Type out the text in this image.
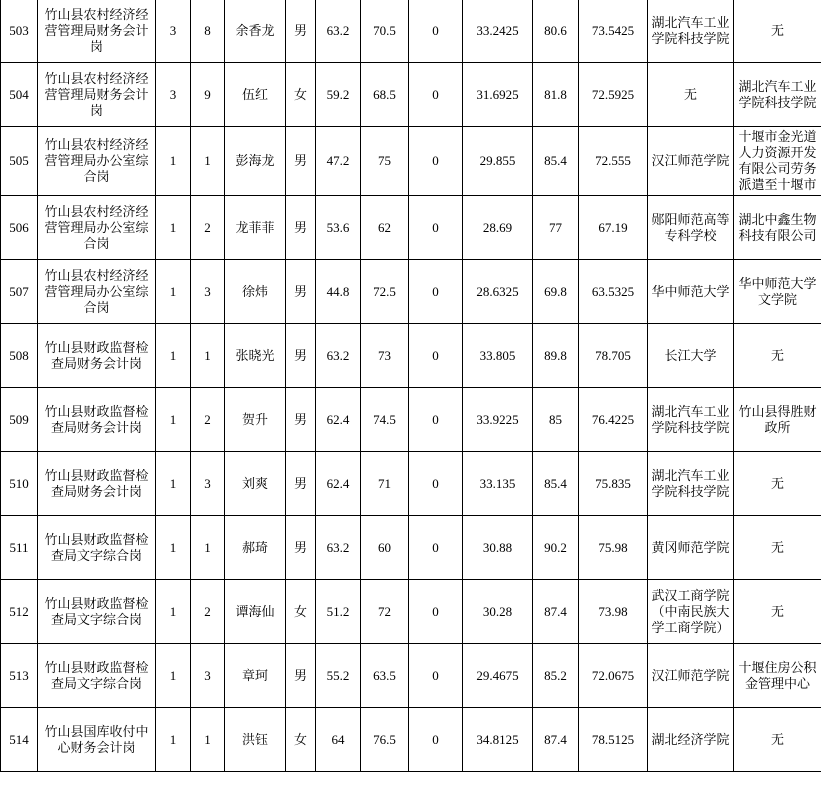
503	竹山县农村经济经营管理局财务会计岗	3	8	余香龙	男	63.2	70.5	0	33.2425	80.6	73.5425	湖北汽车工业学院科技学院	无
504	竹山县农村经济经营管理局财务会计岗	3	9	伍红	女	59.2	68.5	0	31.6925	81.8	72.5925	无	湖北汽车工业学院科技学院
505	竹山县农村经济经营管理局办公室综合岗	1	1	彭海龙	男	47.2	75	0	29.855	85.4	72.555	汉江师范学院	十堰市金光道人力资源开发有限公司劳务派遣至十堰市
506	竹山县农村经济经营管理局办公室综合岗	1	2	龙菲菲	男	53.6	62	0	28.69	77	67.19	郧阳师范高等专科学校	湖北中鑫生物科技有限公司
507	竹山县农村经济经营管理局办公室综合岗	1	3	徐炜	男	44.8	72.5	0	28.6325	69.8	63.5325	华中师范大学	华中师范大学文学院
508	竹山县财政监督检查局财务会计岗	1	1	张晓光	男	63.2	73	0	33.805	89.8	78.705	长江大学	无
509	竹山县财政监督检查局财务会计岗	1	2	贺升	男	62.4	74.5	0	33.9225	85	76.4225	湖北汽车工业学院科技学院	竹山县得胜财政所
510	竹山县财政监督检查局财务会计岗	1	3	刘爽	男	62.4	71	0	33.135	85.4	75.835	湖北汽车工业学院科技学院	无
511	竹山县财政监督检查局文字综合岗	1	1	郝琦	男	63.2	60	0	30.88	90.2	75.98	黄冈师范学院	无
512	竹山县财政监督检查局文字综合岗	1	2	谭海仙	女	51.2	72	0	30.28	87.4	73.98	武汉工商学院（中南民族大学工商学院）	无
513	竹山县财政监督检查局文字综合岗	1	3	章珂	男	55.2	63.5	0	29.4675	85.2	72.0675	汉江师范学院	十堰住房公积金管理中心
514	竹山县国库收付中心财务会计岗	1	1	洪钰	女	64	76.5	0	34.8125	87.4	78.5125	湖北经济学院	无
